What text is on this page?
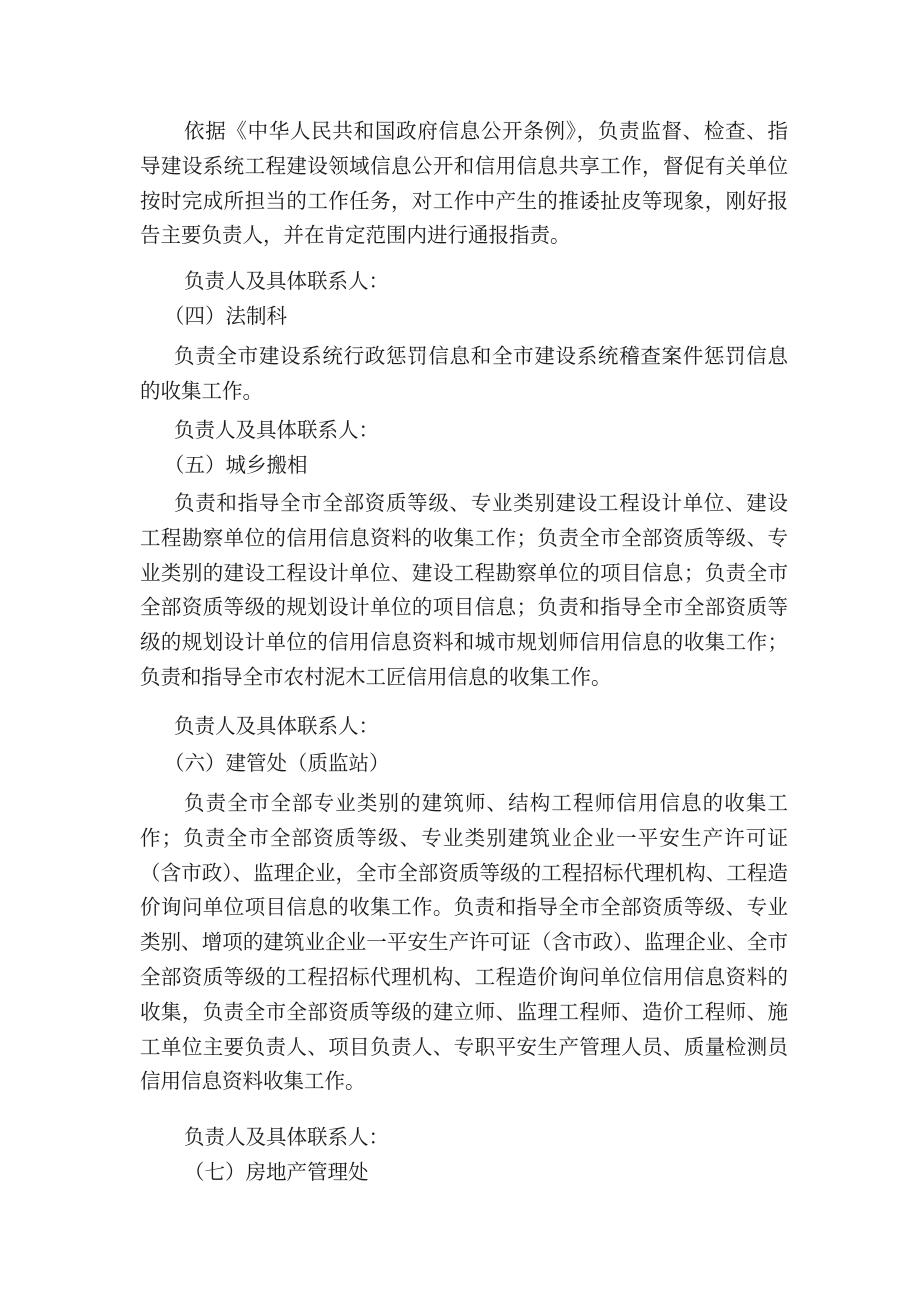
依据《中华人民共和国政府信息公开条例》，负责监督、检查、指导建设系统工程建设领域信息公开和信用信息共享工作，督促有关单位按时完成所担当的工作任务，对工作中产生的推诿扯皮等现象，刚好报告主要负责人，并在肯定范围内进行通报指责。

负责人及具体联系人：

（四）法制科

负责全市建设系统行政惩罚信息和全市建设系统稽查案件惩罚信息的收集工作。

负责人及具体联系人：

（五）城乡搬相

负责和指导全市全部资质等级、专业类别建设工程设计单位、建设工程勘察单位的信用信息资料的收集工作；负责全市全部资质等级、专业类别的建设工程设计单位、建设工程勘察单位的项目信息；负责全市全部资质等级的规划设计单位的项目信息；负责和指导全市全部资质等级的规划设计单位的信用信息资料和城市规划师信用信息的收集工作；负责和指导全市农村泥木工匠信用信息的收集工作。

负责人及具体联系人：

（六）建管处（质监站）

负责全市全部专业类别的建筑师、结构工程师信用信息的收集工作；负责全市全部资质等级、专业类别建筑业企业一平安生产许可证（含市政）、监理企业，全市全部资质等级的工程招标代理机构、工程造价询问单位项目信息的收集工作。负责和指导全市全部资质等级、专业类别、增项的建筑业企业一平安生产许可证（含市政）、监理企业、全市全部资质等级的工程招标代理机构、工程造价询问单位信用信息资料的收集，负责全市全部资质等级的建立师、监理工程师、造价工程师、施工单位主要负责人、项目负责人、专职平安生产管理人员、质量检测员信用信息资料收集工作。

负责人及具体联系人：

（七）房地产管理处
